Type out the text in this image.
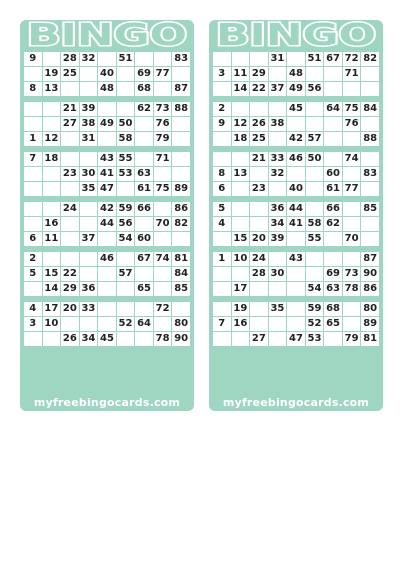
BINGO
9		28	32		51			83
	19	25		40		69	77	
8	13			48		68		87
		21	39			62	73	88
		27	38	49	50		76	
1	12		31		58		79	
7	18			43	55		71	
		23	30	41	53	63		
			35	47		61	75	89
		24		42	59	66		86
	16			44	56		70	82
6	11		37		54	60		
2				46		67	74	81
5	15	22			57			84
	14	29	36			65		85
4	17	20	33				72	
3	10				52	64		80
		26	34	45			78	90
myfreebingocards.com
BINGO
			31		51	67	72	82
3	11	29		48			71	
	14	22	37	49	56			
2				45		64	75	84
9	12	26	38				76	
	18	25		42	57			88
		21	33	46	50		74	
8	13		32			60		83
6		23		40		61	77	
5			36	44		66		85
4			34	41	58	62		
	15	20	39		55		70	
1	10	24		43				87
		28	30			69	73	90
	17				54	63	78	86
	19		35		59	68		80
7	16				52	65		89
		27		47	53		79	81
myfreebingocards.com
